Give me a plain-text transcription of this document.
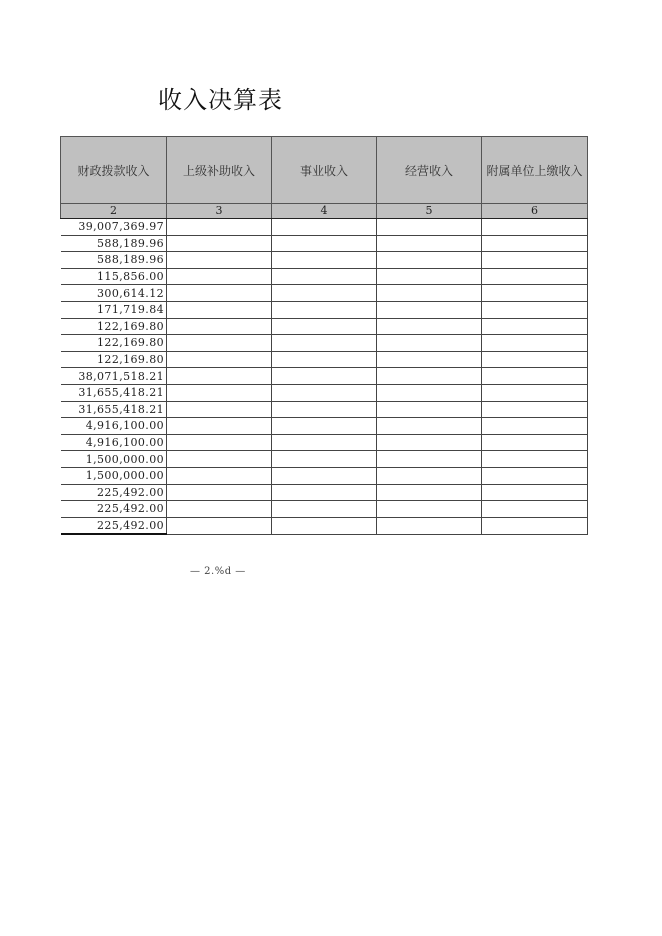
收入决算表
财政拨款收入	上级补助收入	事业收入	经营收入	附属单位上缴收入
2	3	4	5	6
39,007,369.97				
588,189.96				
588,189.96				
115,856.00				
300,614.12				
171,719.84				
122,169.80				
122,169.80				
122,169.80				
38,071,518.21				
31,655,418.21				
31,655,418.21				
4,916,100.00				
4,916,100.00				
1,500,000.00				
1,500,000.00				
225,492.00				
225,492.00				
225,492.00				
— 2.%d —
